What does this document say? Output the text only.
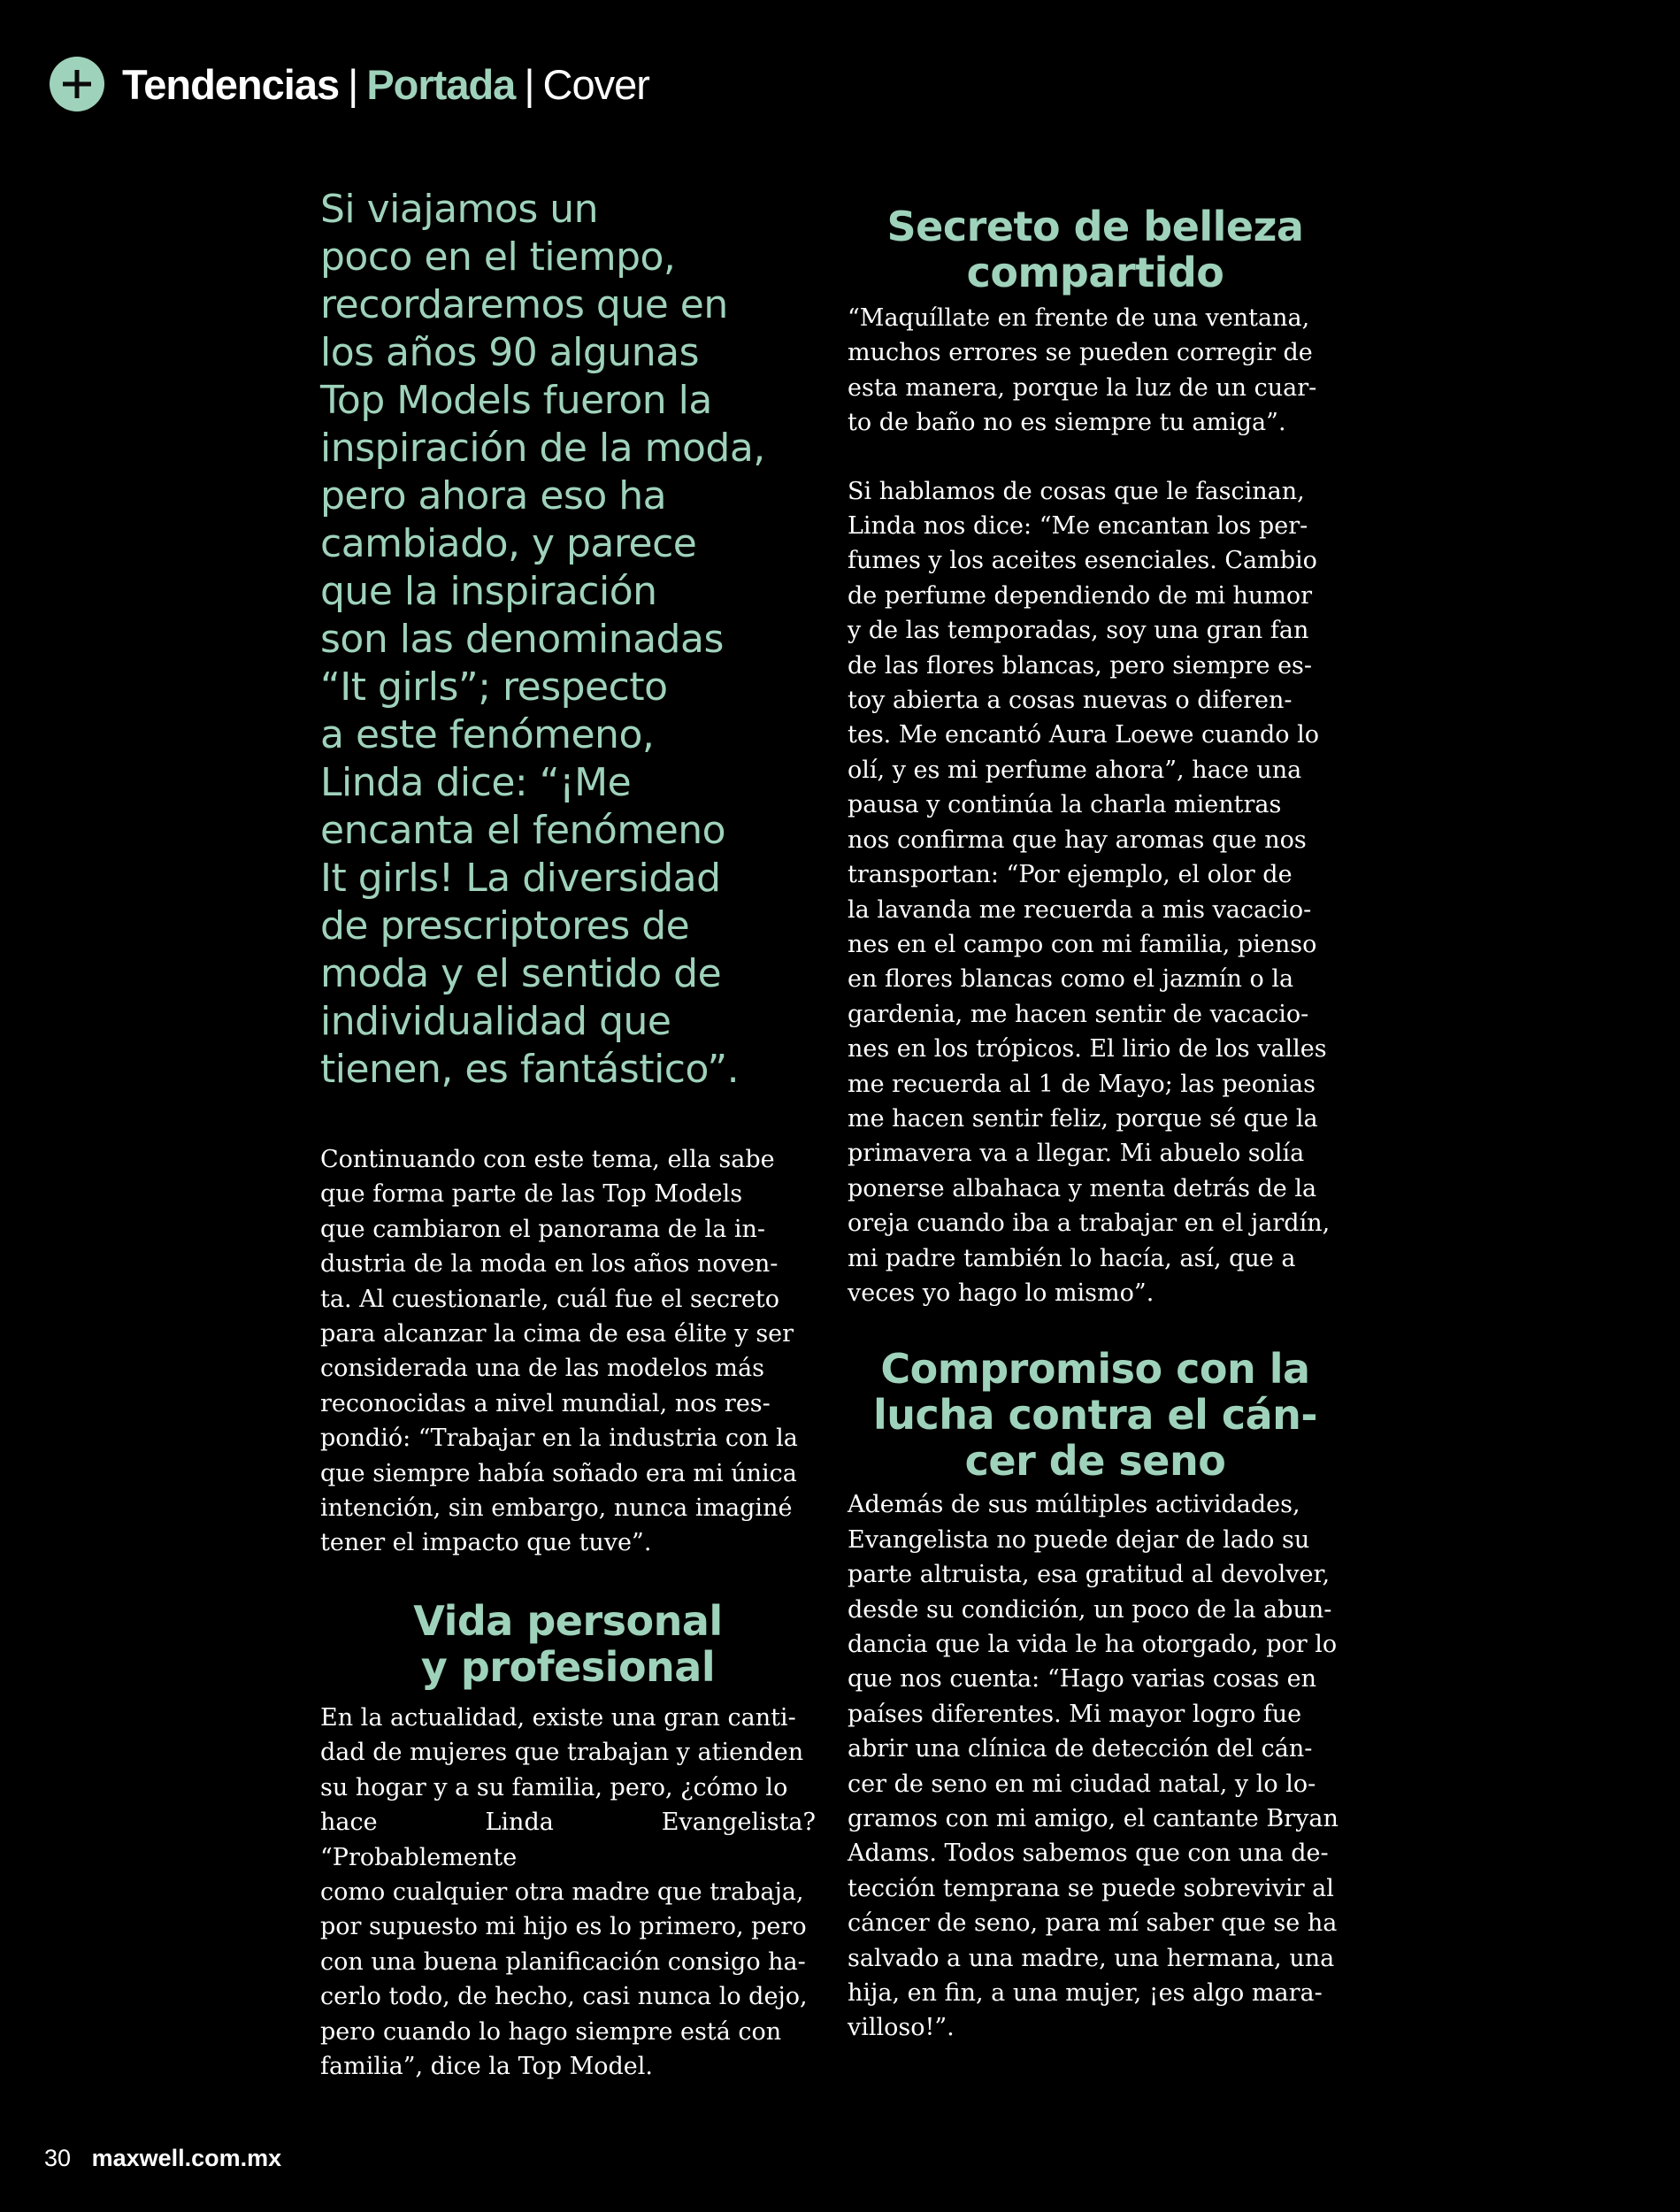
Tendencias | Portada | Cover

Si viajamos un
poco en el tiempo,
recordaremos que en
los años 90 algunas
Top Models fueron la
inspiración de la moda,
pero ahora eso ha
cambiado, y parece
que la inspiración
son las denominadas
“It girls”; respecto
a este fenómeno,
Linda dice: “¡Me
encanta el fenómeno
It girls! La diversidad
de prescriptores de
moda y el sentido de
individualidad que
tienen, es fantástico”.

Continuando con este tema, ella sabe
que forma parte de las Top Models
que cambiaron el panorama de la in-
dustria de la moda en los años noven-
ta. Al cuestionarle, cuál fue el secreto
para alcanzar la cima de esa élite y ser
considerada una de las modelos más
reconocidas a nivel mundial, nos res-
pondió: “Trabajar en la industria con la
que siempre había soñado era mi única
intención, sin embargo, nunca imaginé
tener el impacto que tuve”.

Vida personal
y profesional

En la actualidad, existe una gran canti-
dad de mujeres que trabajan y atienden
su hogar y a su familia, pero, ¿cómo lo
hace Linda Evangelista? “Probablemente
como cualquier otra madre que trabaja,
por supuesto mi hijo es lo primero, pero
con una buena planificación consigo ha-
cerlo todo, de hecho, casi nunca lo dejo,
pero cuando lo hago siempre está con
familia”, dice la Top Model.

Secreto de belleza
compartido

“Maquíllate en frente de una ventana,
muchos errores se pueden corregir de
esta manera, porque la luz de un cuar-
to de baño no es siempre tu amiga”.

Si hablamos de cosas que le fascinan,
Linda nos dice: “Me encantan los per-
fumes y los aceites esenciales. Cambio
de perfume dependiendo de mi humor
y de las temporadas, soy una gran fan
de las flores blancas, pero siempre es-
toy abierta a cosas nuevas o diferen-
tes. Me encantó Aura Loewe cuando lo
olí, y es mi perfume ahora”, hace una
pausa y continúa la charla mientras
nos confirma que hay aromas que nos
transportan: “Por ejemplo, el olor de
la lavanda me recuerda a mis vacacio-
nes en el campo con mi familia, pienso
en flores blancas como el jazmín o la
gardenia, me hacen sentir de vacacio-
nes en los trópicos. El lirio de los valles
me recuerda al 1 de Mayo; las peonias
me hacen sentir feliz, porque sé que la
primavera va a llegar. Mi abuelo solía
ponerse albahaca y menta detrás de la
oreja cuando iba a trabajar en el jardín,
mi padre también lo hacía, así, que a
veces yo hago lo mismo”.

Compromiso con la
lucha contra el cán-
cer de seno

Además de sus múltiples actividades,
Evangelista no puede dejar de lado su
parte altruista, esa gratitud al devolver,
desde su condición, un poco de la abun-
dancia que la vida le ha otorgado, por lo
que nos cuenta: “Hago varias cosas en
países diferentes. Mi mayor logro fue
abrir una clínica de detección del cán-
cer de seno en mi ciudad natal, y lo lo-
gramos con mi amigo, el cantante Bryan
Adams. Todos sabemos que con una de-
tección temprana se puede sobrevivir al
cáncer de seno, para mí saber que se ha
salvado a una madre, una hermana, una
hija, en fin, a una mujer, ¡es algo mara-
villoso!”.

30 maxwell.com.mx
